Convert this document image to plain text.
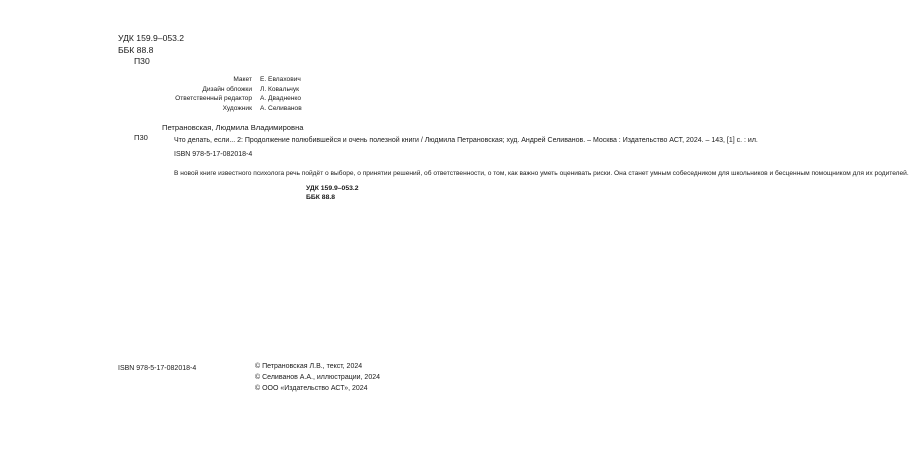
УДК 159.9–053.2
ББК 88.8
П30
Макет	Е. Евлахович
Дизайн обложки	Л. Ковальчук
Ответственный редактор	А. Двадненко
Художник	А. Селиванов
П30
Петрановская, Людмила Владимировна
Что делать, если... 2: Продолжение полюбившейся и очень полезной книги / Людмила Петрановская; худ. Андрей Селиванов. – Москва : Издательство АСТ, 2024. – 143, [1] с. : ил.
ISBN 978-5-17-082018-4
В новой книге известного психолога речь пойдёт о выборе, о принятии решений, об ответственности, о том, как важно уметь оценивать риски. Она станет умным собеседником для школьников и бесценным помощником для их родителей.
УДК 159.9–053.2
ББК 88.8
ISBN 978-5-17-082018-4	© Петрановская Л.В., текст, 2024
© Селиванов А.А., иллюстрации, 2024
© ООО «Издательство АСТ», 2024
